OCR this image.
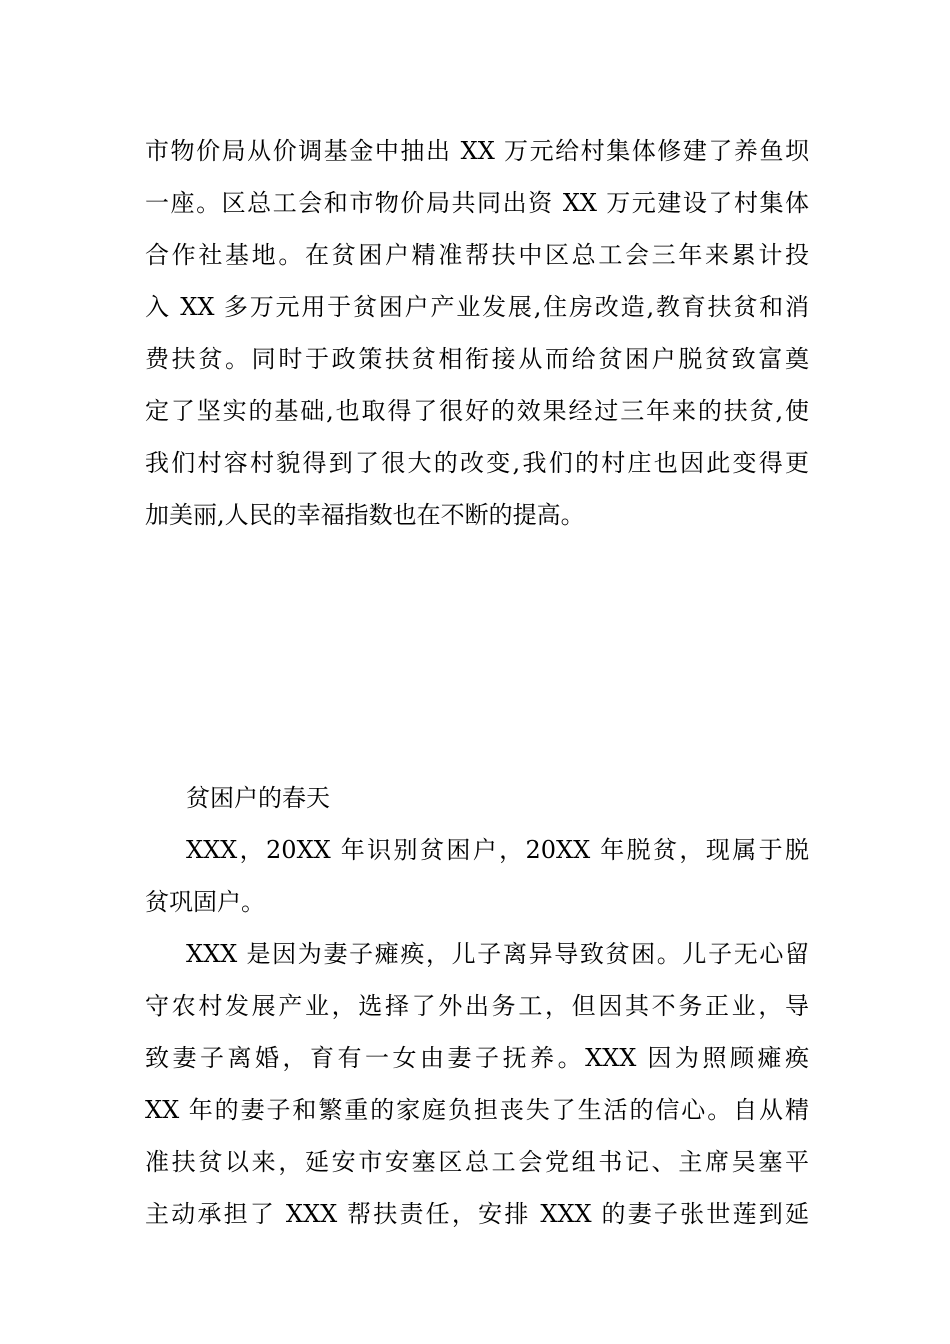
市物价局从价调基金中抽出 XX 万元给村集体修建了养鱼坝
一座。区总工会和市物价局共同出资 XX 万元建设了村集体
合作社基地。在贫困户精准帮扶中区总工会三年来累计投
入 XX 多万元用于贫困户产业发展,住房改造,教育扶贫和消
费扶贫。同时于政策扶贫相衔接从而给贫困户脱贫致富奠
定了坚实的基础,也取得了很好的效果经过三年来的扶贫,使
我们村容村貌得到了很大的改变,我们的村庄也因此变得更
加美丽,人民的幸福指数也在不断的提高。
贫困户的春天
XXX，20XX 年识别贫困户，20XX 年脱贫，现属于脱
贫巩固户。
XXX 是因为妻子瘫痪，儿子离异导致贫困。儿子无心留
守农村发展产业，选择了外出务工，但因其不务正业，导
致妻子离婚，育有一女由妻子抚养。XXX 因为照顾瘫痪
XX 年的妻子和繁重的家庭负担丧失了生活的信心。自从精
准扶贫以来，延安市安塞区总工会党组书记、主席吴塞平
主动承担了 XXX 帮扶责任，安排 XXX 的妻子张世莲到延
